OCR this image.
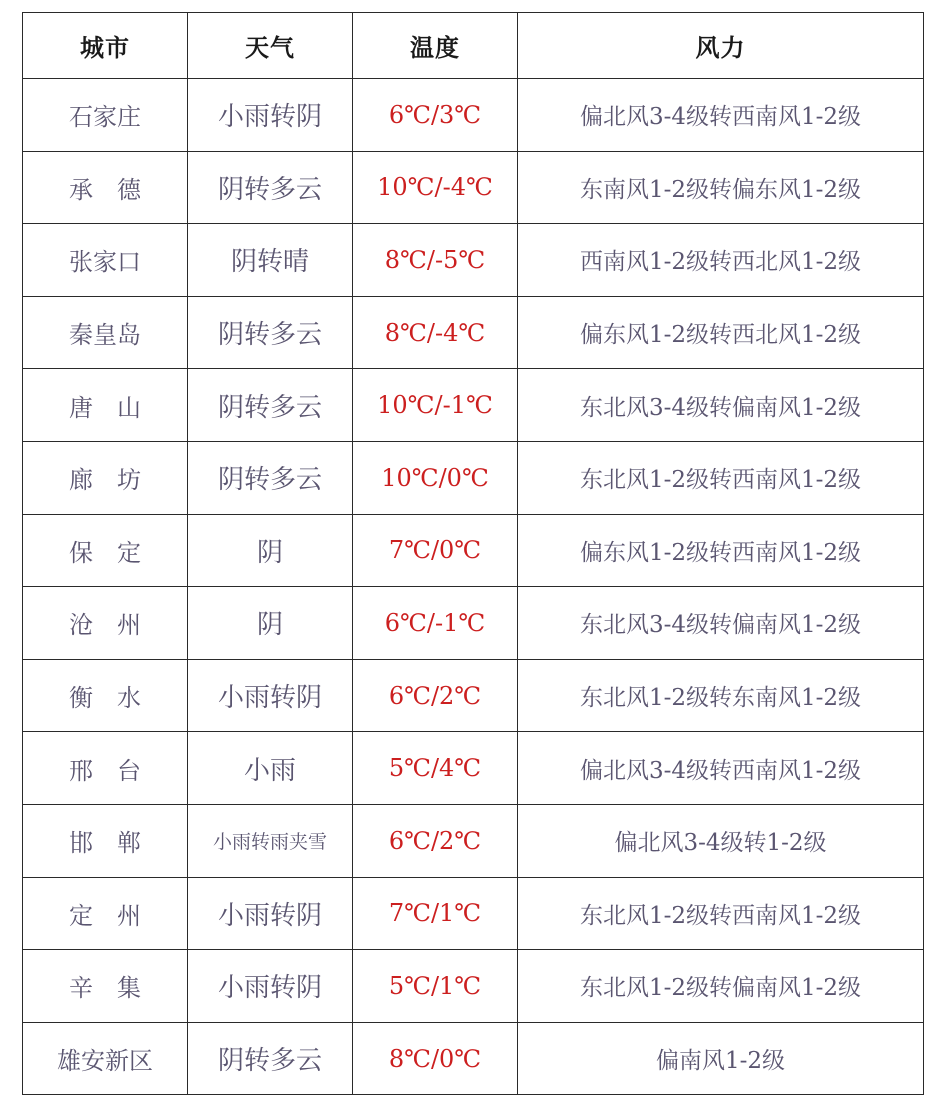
城市	天气	温度	风力
石家庄	小雨转阴	6℃/3℃	偏北风3-4级转西南风1-2级
承　德	阴转多云	10℃/-4℃	东南风1-2级转偏东风1-2级
张家口	阴转晴	8℃/-5℃	西南风1-2级转西北风1-2级
秦皇岛	阴转多云	8℃/-4℃	偏东风1-2级转西北风1-2级
唐　山	阴转多云	10℃/-1℃	东北风3-4级转偏南风1-2级
廊　坊	阴转多云	10℃/0℃	东北风1-2级转西南风1-2级
保　定	阴	7℃/0℃	偏东风1-2级转西南风1-2级
沧　州	阴	6℃/-1℃	东北风3-4级转偏南风1-2级
衡　水	小雨转阴	6℃/2℃	东北风1-2级转东南风1-2级
邢　台	小雨	5℃/4℃	偏北风3-4级转西南风1-2级
邯　郸	小雨转雨夹雪	6℃/2℃	偏北风3-4级转1-2级
定　州	小雨转阴	7℃/1℃	东北风1-2级转西南风1-2级
辛　集	小雨转阴	5℃/1℃	东北风1-2级转偏南风1-2级
雄安新区	阴转多云	8℃/0℃	偏南风1-2级
